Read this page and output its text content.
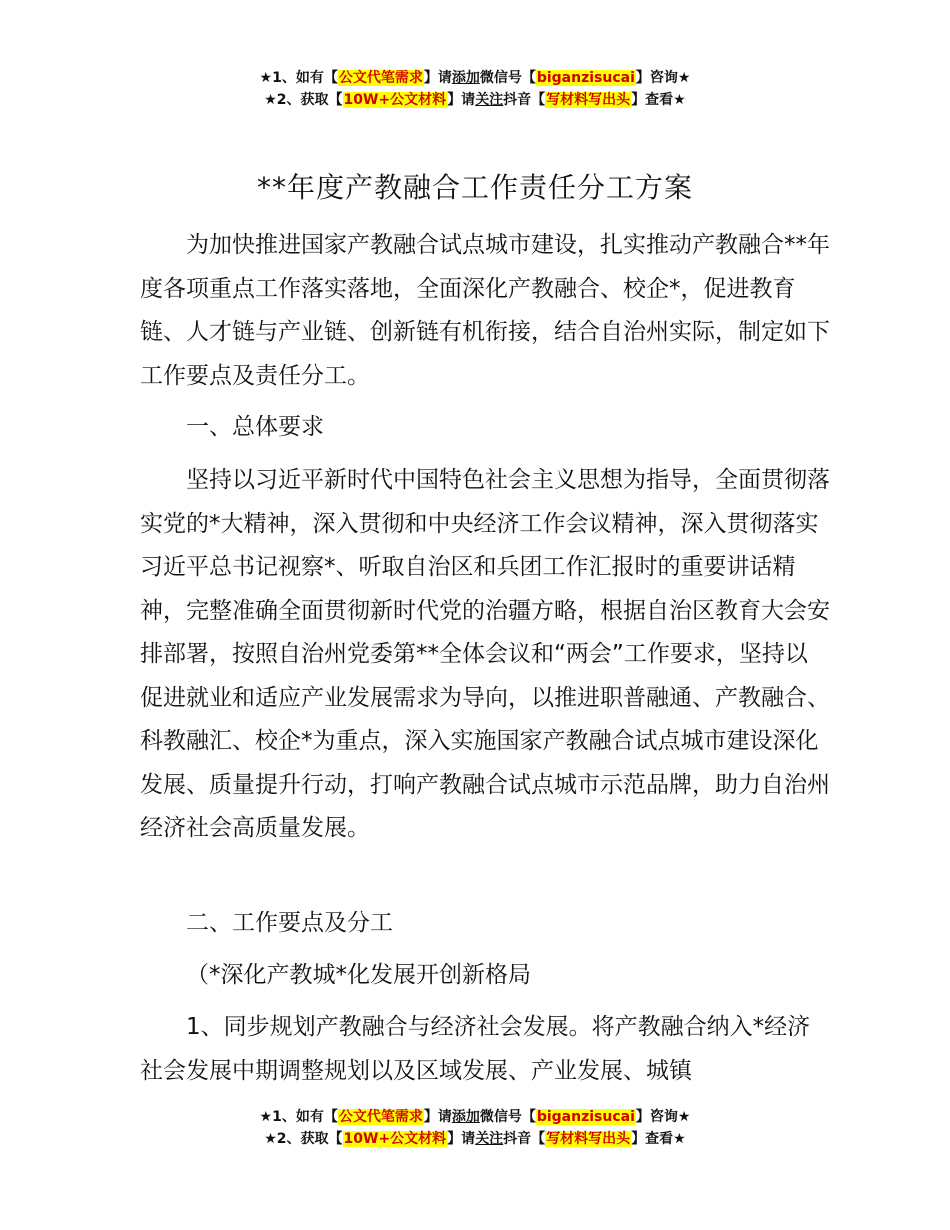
★1、如有【公文代笔需求】请添加微信号【biganzisucai】咨询★
★2、获取【10W+公文材料】请关注抖音【写材料写出头】查看★
**年度产教融合工作责任分工方案

为加快推进国家产教融合试点城市建设，扎实推动产教融合**年度各项重点工作落实落地，全面深化产教融合、校企*，促进教育链、人才链与产业链、创新链有机衔接，结合自治州实际，制定如下工作要点及责任分工。

一、总体要求

坚持以习近平新时代中国特色社会主义思想为指导，全面贯彻落实党的*大精神，深入贯彻和中央经济工作会议精神，深入贯彻落实习近平总书记视察*、听取自治区和兵团工作汇报时的重要讲话精神，完整准确全面贯彻新时代党的治疆方略，根据自治区教育大会安排部署，按照自治州党委第**全体会议和“两会”工作要求，坚持以促进就业和适应产业发展需求为导向，以推进职普融通、产教融合、科教融汇、校企*为重点，深入实施国家产教融合试点城市建设深化发展、质量提升行动，打响产教融合试点城市示范品牌，助力自治州经济社会高质量发展。

二、工作要点及分工

（*深化产教城*化发展开创新格局

1、同步规划产教融合与经济社会发展。将产教融合纳入*经济社会发展中期调整规划以及区域发展、产业发展、城镇

★1、如有【公文代笔需求】请添加微信号【biganzisucai】咨询★
★2、获取【10W+公文材料】请关注抖音【写材料写出头】查看★
